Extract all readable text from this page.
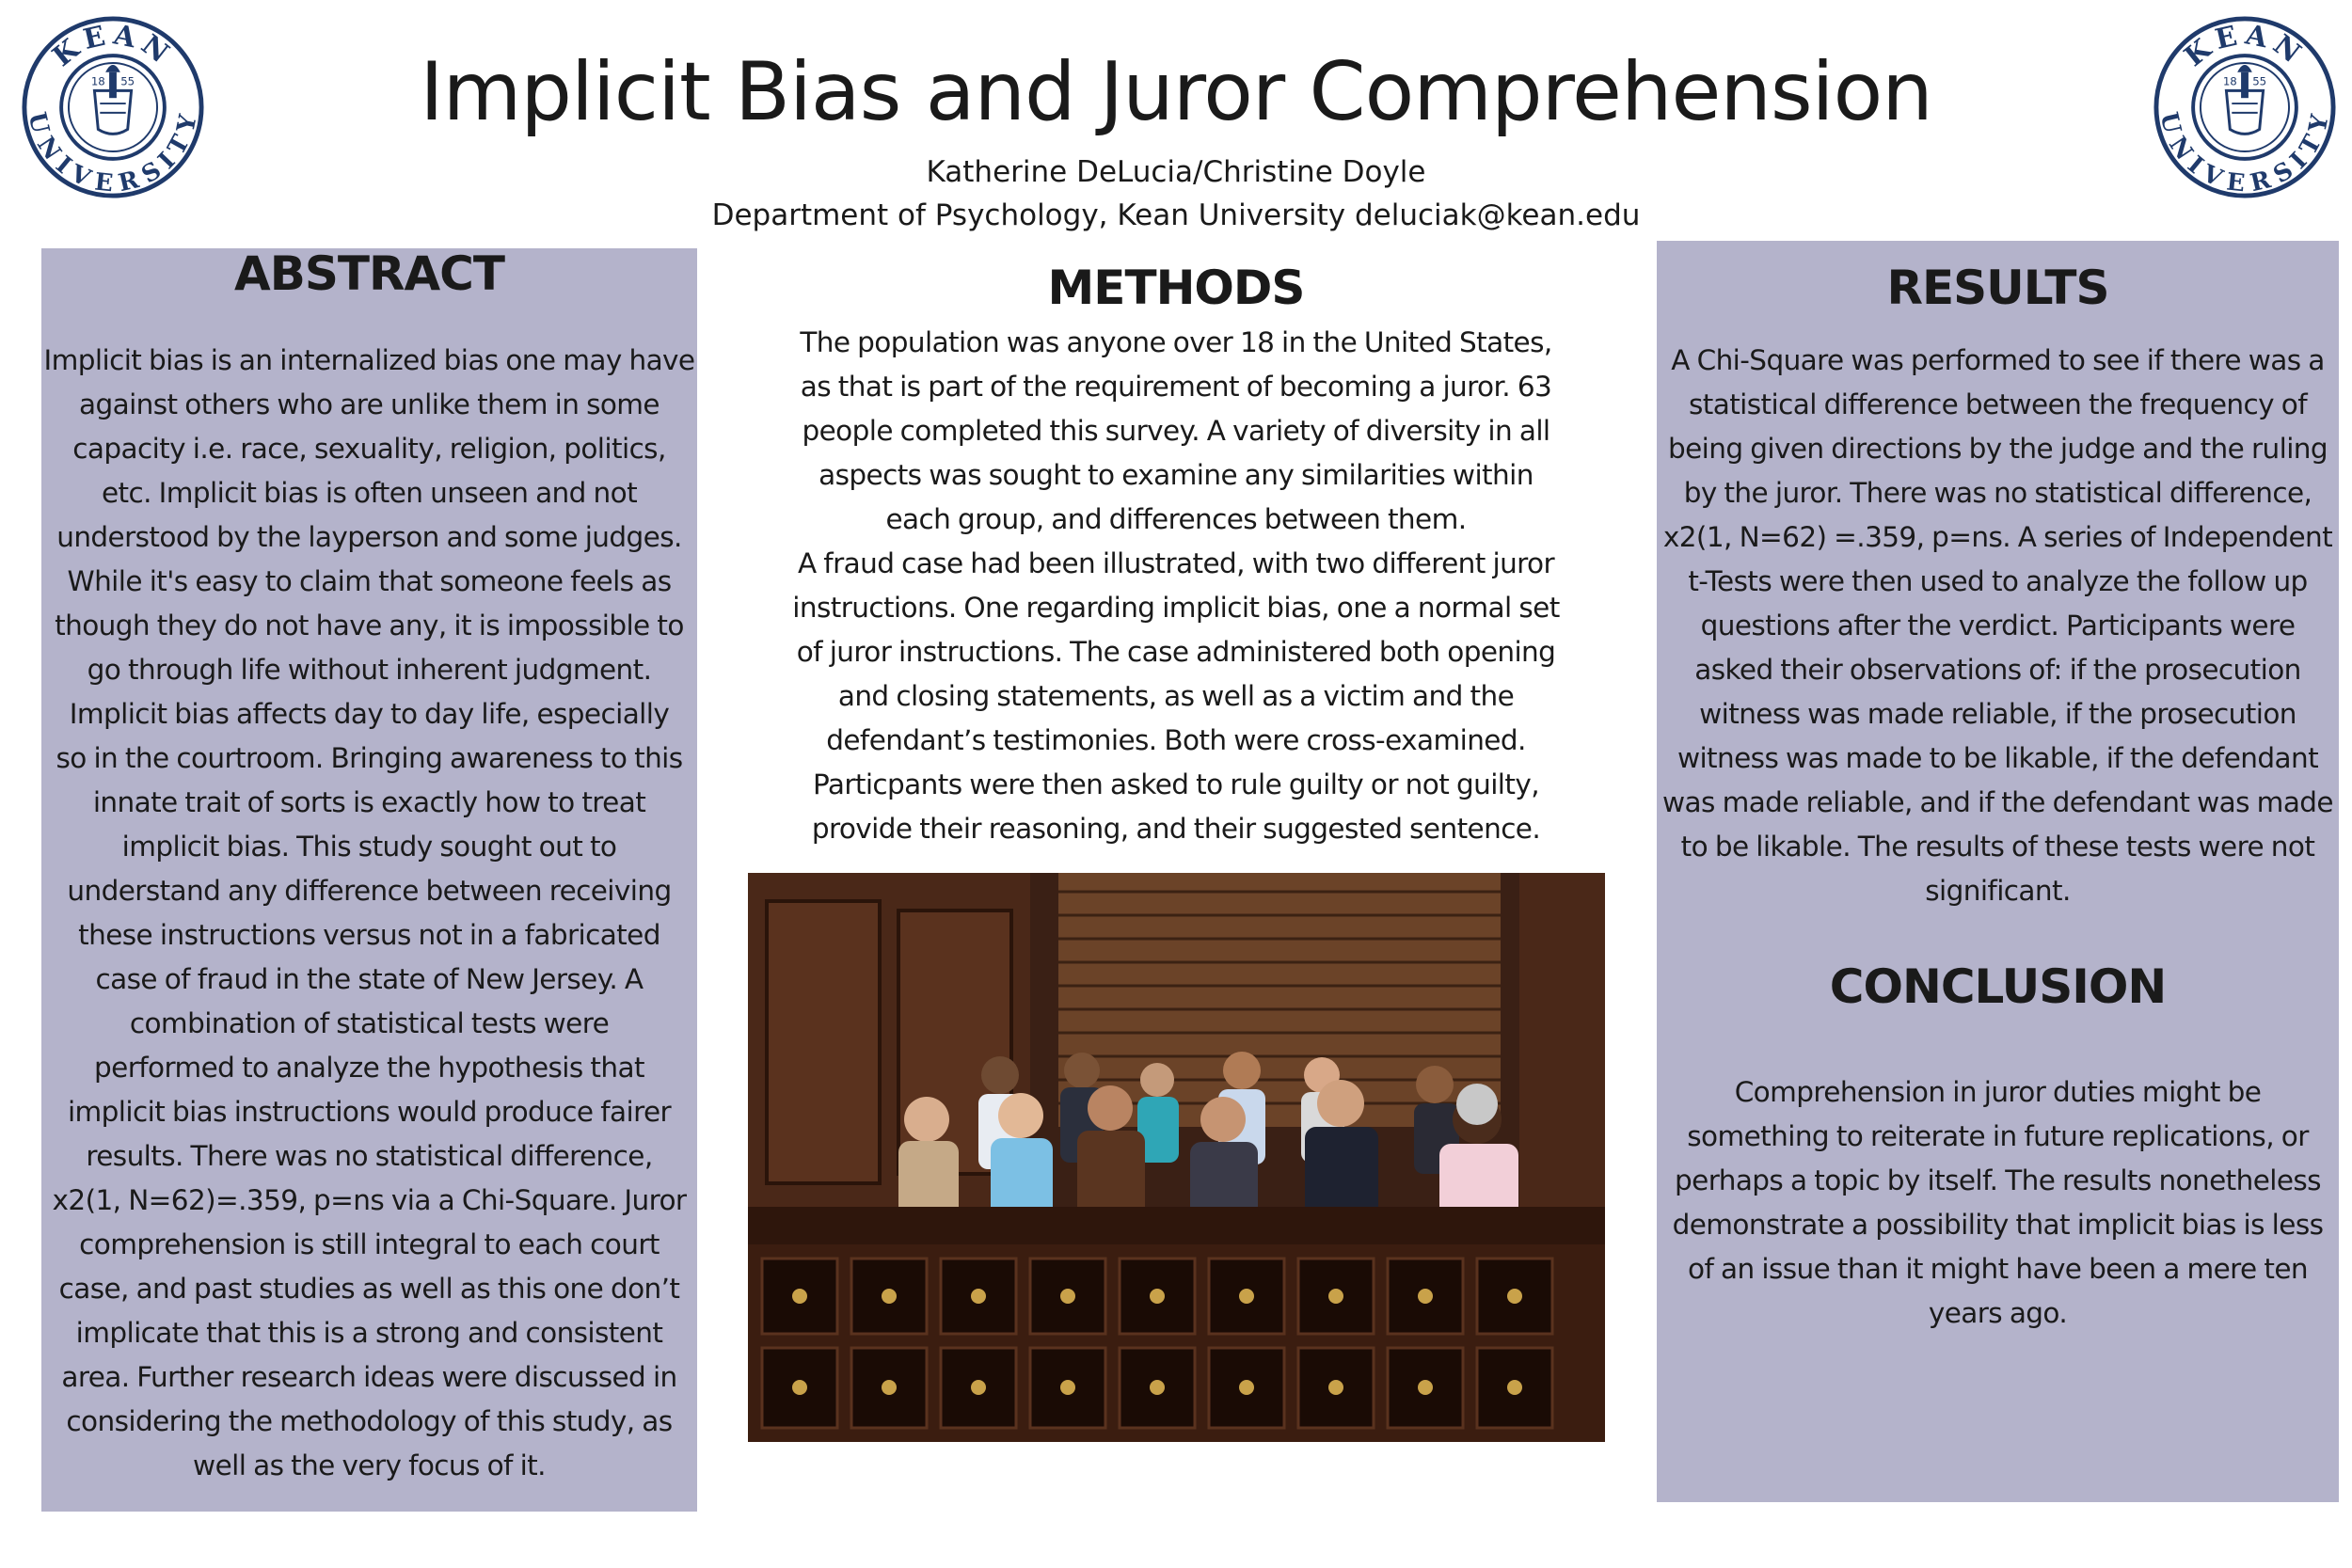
KEAN
UNIVERSITY
18 55
KEAN
UNIVERSITY
18 55
Implicit Bias and Juror Comprehension
Katherine DeLucia/Christine Doyle
Department of Psychology, Kean University deluciak@kean.edu
ABSTRACT

Implicit bias is an internalized bias one may have
against others who are unlike them in some
capacity i.e. race, sexuality, religion, politics,
etc. Implicit bias is often unseen and not
understood by the layperson and some judges.
While it's easy to claim that someone feels as
though they do not have any, it is impossible to
go through life without inherent judgment.
Implicit bias affects day to day life, especially
so in the courtroom. Bringing awareness to this
innate trait of sorts is exactly how to treat
implicit bias. This study sought out to
understand any difference between receiving
these instructions versus not in a fabricated
case of fraud in the state of New Jersey. A
combination of statistical tests were
performed to analyze the hypothesis that
implicit bias instructions would produce fairer
results. There was no statistical difference,
x2(1, N=62)=.359, p=ns via a Chi-Square. Juror
comprehension is still integral to each court
case, and past studies as well as this one don’t
implicate that this is a strong and consistent
area. Further research ideas were discussed in
considering the methodology of this study, as
well as the very focus of it.

METHODS

The population was anyone over 18 in the United States,
as that is part of the requirement of becoming a juror. 63
people completed this survey. A variety of diversity in all
aspects was sought to examine any similarities within
each group, and differences between them.
A fraud case had been illustrated, with two different juror
instructions. One regarding implicit bias, one a normal set
of juror instructions. The case administered both opening
and closing statements, as well as a victim and the
defendant’s testimonies. Both were cross-examined.
Particpants were then asked to rule guilty or not guilty,
provide their reasoning, and their suggested sentence.

RESULTS

A Chi-Square was performed to see if there was a
statistical difference between the frequency of
being given directions by the judge and the ruling
by the juror. There was no statistical difference,
x2(1, N=62) =.359, p=ns. A series of Independent
t-Tests were then used to analyze the follow up
questions after the verdict. Participants were
asked their observations of: if the prosecution
witness was made reliable, if the prosecution
witness was made to be likable, if the defendant
was made reliable, and if the defendant was made
to be likable. The results of these tests were not
significant.

CONCLUSION

Comprehension in juror duties might be
something to reiterate in future replications, or
perhaps a topic by itself. The results nonetheless
demonstrate a possibility that implicit bias is less
of an issue than it might have been a mere ten
years ago.
